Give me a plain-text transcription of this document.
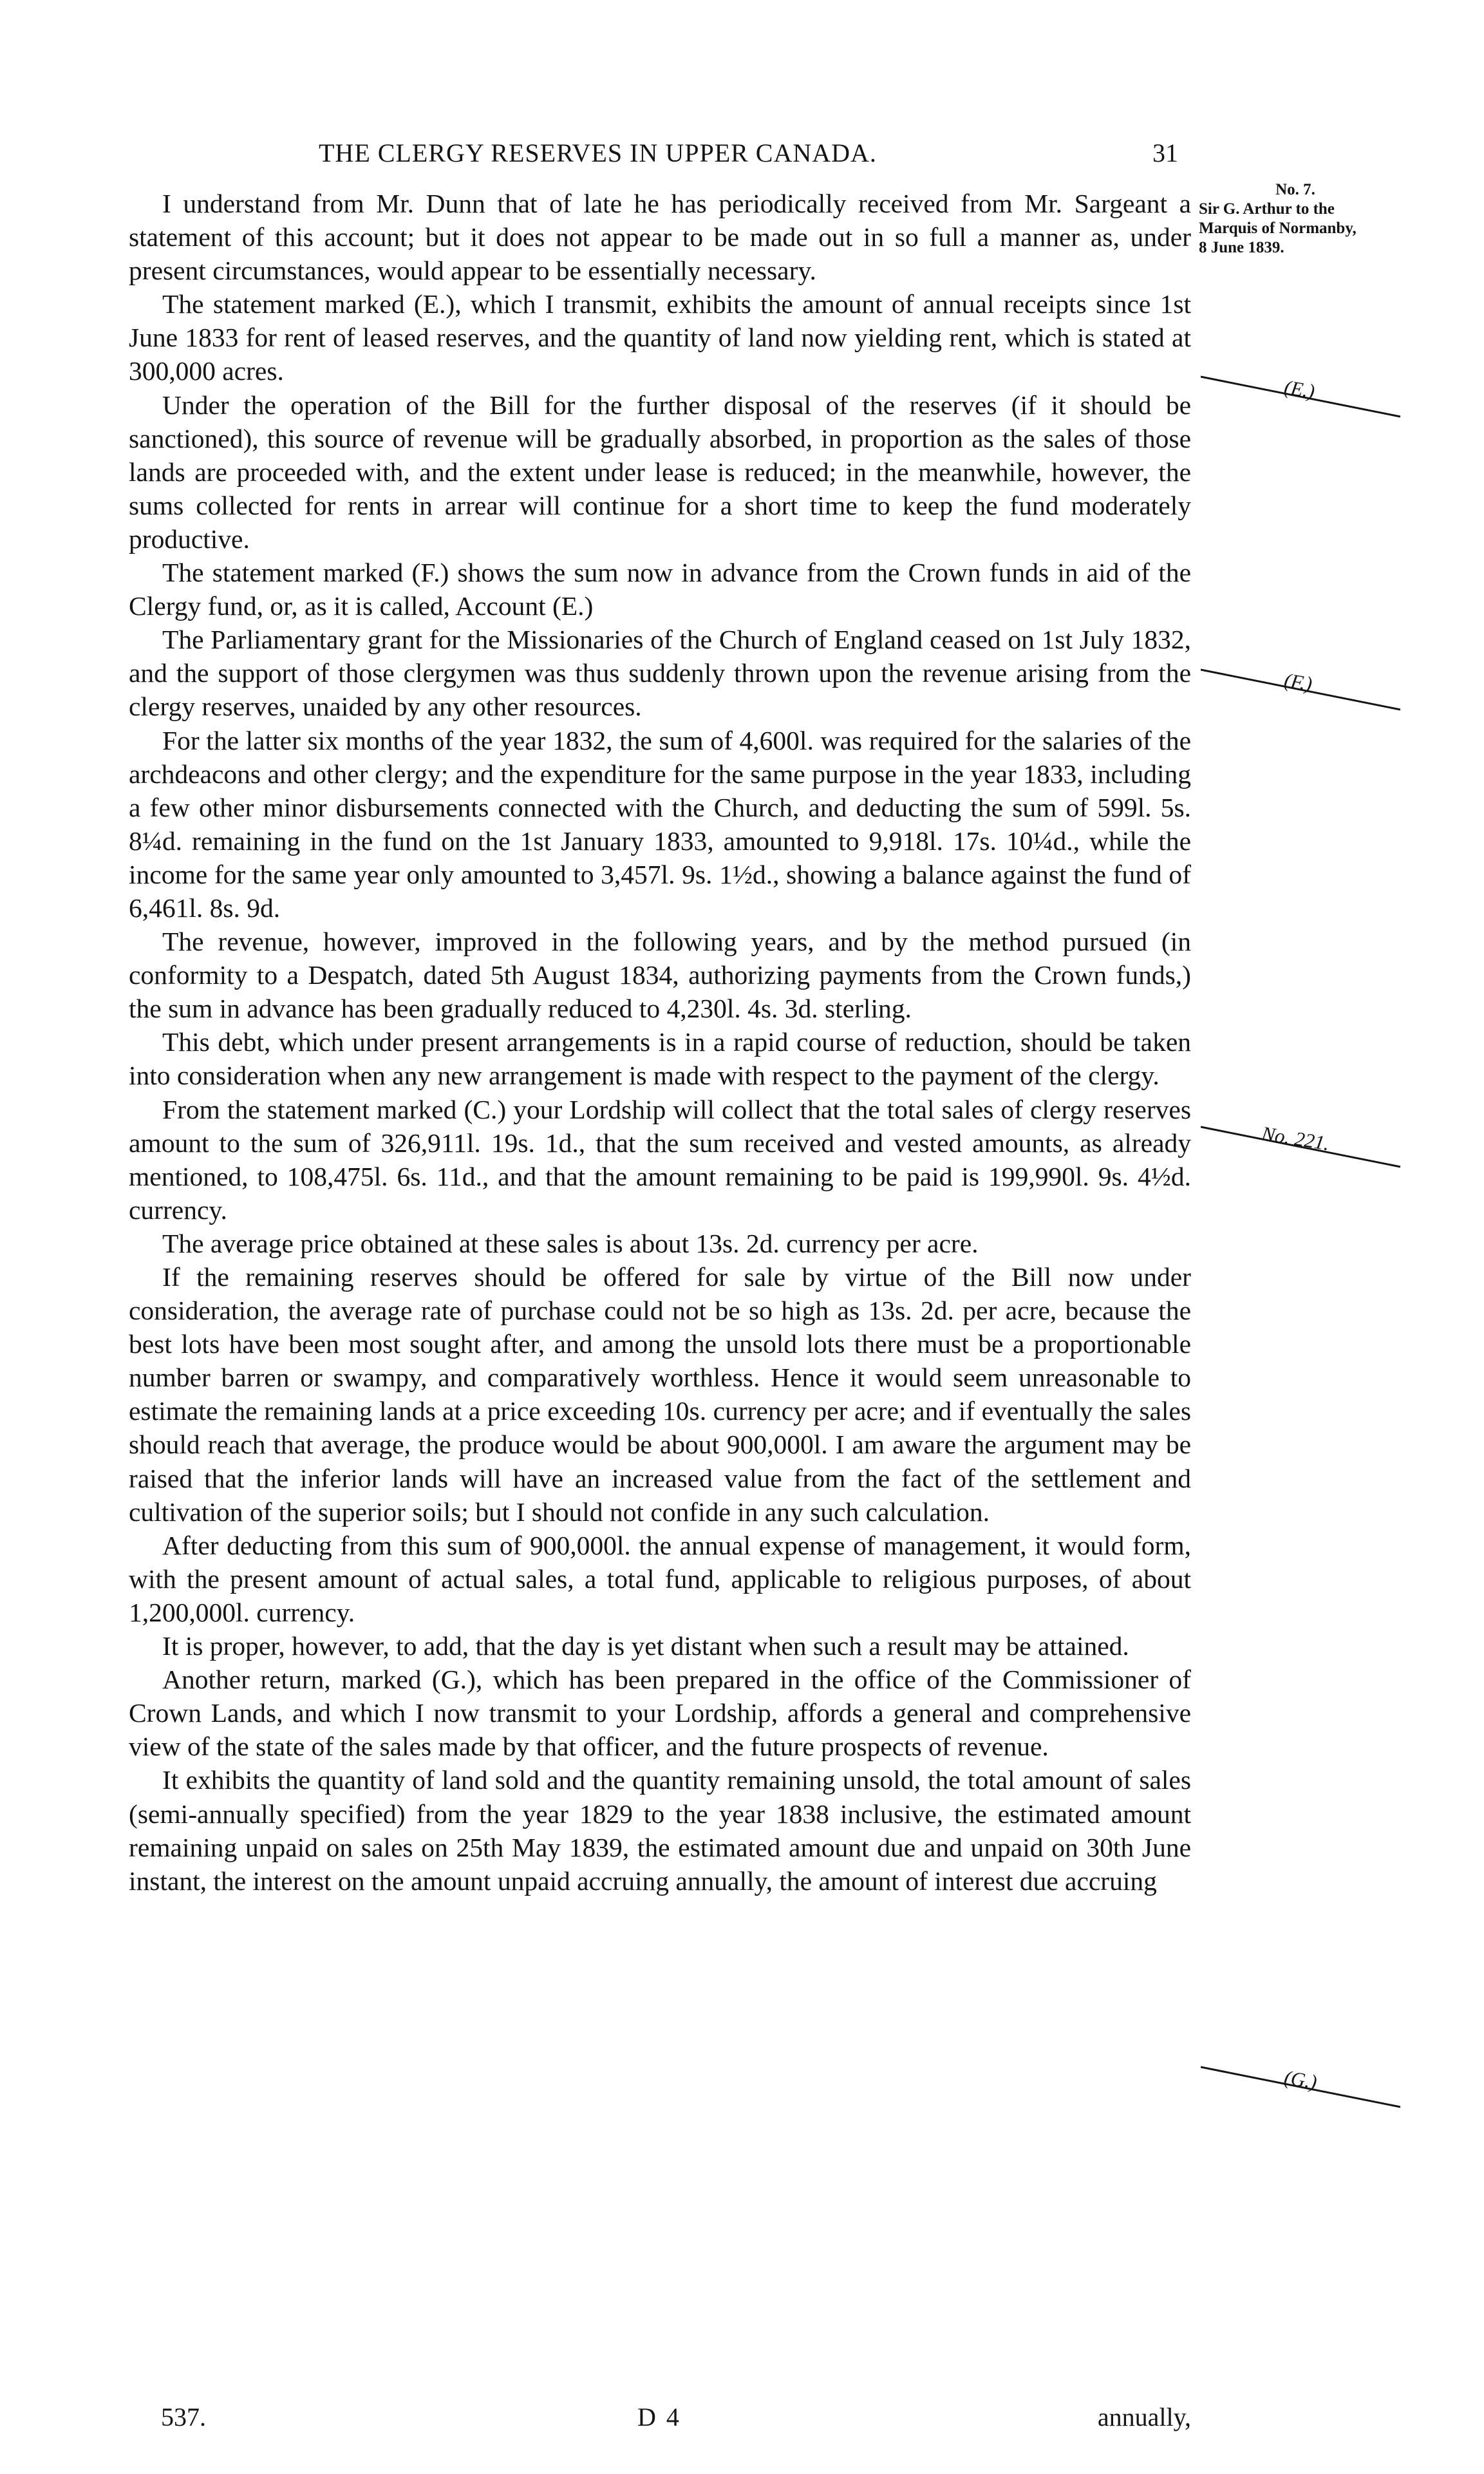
THE CLERGY RESERVES IN UPPER CANADA.	31
No. 7.
Sir G. Arthur to the Marquis of Normanby,
8 June 1839.
(E.)
(F.)
No. 221.
(G.)

I understand from Mr. Dunn that of late he has periodically received from Mr. Sargeant a statement of this account; but it does not appear to be made out in so full a manner as, under present circumstances, would appear to be essentially necessary.

The statement marked (E.), which I transmit, exhibits the amount of annual receipts since 1st June 1833 for rent of leased reserves, and the quantity of land now yielding rent, which is stated at 300,000 acres.

Under the operation of the Bill for the further disposal of the reserves (if it should be sanctioned), this source of revenue will be gradually absorbed, in proportion as the sales of those lands are proceeded with, and the extent under lease is reduced; in the meanwhile, however, the sums collected for rents in arrear will continue for a short time to keep the fund moderately productive.

The statement marked (F.) shows the sum now in advance from the Crown funds in aid of the Clergy fund, or, as it is called, Account (E.)

The Parliamentary grant for the Missionaries of the Church of England ceased on 1st July 1832, and the support of those clergymen was thus suddenly thrown upon the revenue arising from the clergy reserves, unaided by any other resources.

For the latter six months of the year 1832, the sum of 4,600l. was required for the salaries of the archdeacons and other clergy; and the expenditure for the same purpose in the year 1833, including a few other minor disbursements connected with the Church, and deducting the sum of 599l. 5s. 8¼d. remaining in the fund on the 1st January 1833, amounted to 9,918l. 17s. 10¼d., while the income for the same year only amounted to 3,457l. 9s. 1½d., showing a balance against the fund of 6,461l. 8s. 9d.

The revenue, however, improved in the following years, and by the method pursued (in conformity to a Despatch, dated 5th August 1834, authorizing payments from the Crown funds,) the sum in advance has been gradually reduced to 4,230l. 4s. 3d. sterling.

This debt, which under present arrangements is in a rapid course of reduction, should be taken into consideration when any new arrangement is made with respect to the payment of the clergy.

From the statement marked (C.) your Lordship will collect that the total sales of clergy reserves amount to the sum of 326,911l. 19s. 1d., that the sum received and vested amounts, as already mentioned, to 108,475l. 6s. 11d., and that the amount remaining to be paid is 199,990l. 9s. 4½d. currency.

The average price obtained at these sales is about 13s. 2d. currency per acre.

If the remaining reserves should be offered for sale by virtue of the Bill now under consideration, the average rate of purchase could not be so high as 13s. 2d. per acre, because the best lots have been most sought after, and among the unsold lots there must be a proportionable number barren or swampy, and comparatively worthless. Hence it would seem unreasonable to estimate the remaining lands at a price exceeding 10s. currency per acre; and if eventually the sales should reach that average, the produce would be about 900,000l. I am aware the argument may be raised that the inferior lands will have an increased value from the fact of the settlement and cultivation of the superior soils; but I should not confide in any such calculation.

After deducting from this sum of 900,000l. the annual expense of management, it would form, with the present amount of actual sales, a total fund, applicable to religious purposes, of about 1,200,000l. currency.

It is proper, however, to add, that the day is yet distant when such a result may be attained.

Another return, marked (G.), which has been prepared in the office of the Commissioner of Crown Lands, and which I now transmit to your Lordship, affords a general and comprehensive view of the state of the sales made by that officer, and the future prospects of revenue.

It exhibits the quantity of land sold and the quantity remaining unsold, the total amount of sales (semi-annually specified) from the year 1829 to the year 1838 inclusive, the estimated amount remaining unpaid on sales on 25th May 1839, the estimated amount due and unpaid on 30th June instant, the interest on the amount unpaid accruing annually, the amount of interest due accruing

537.	D 4	annually,
